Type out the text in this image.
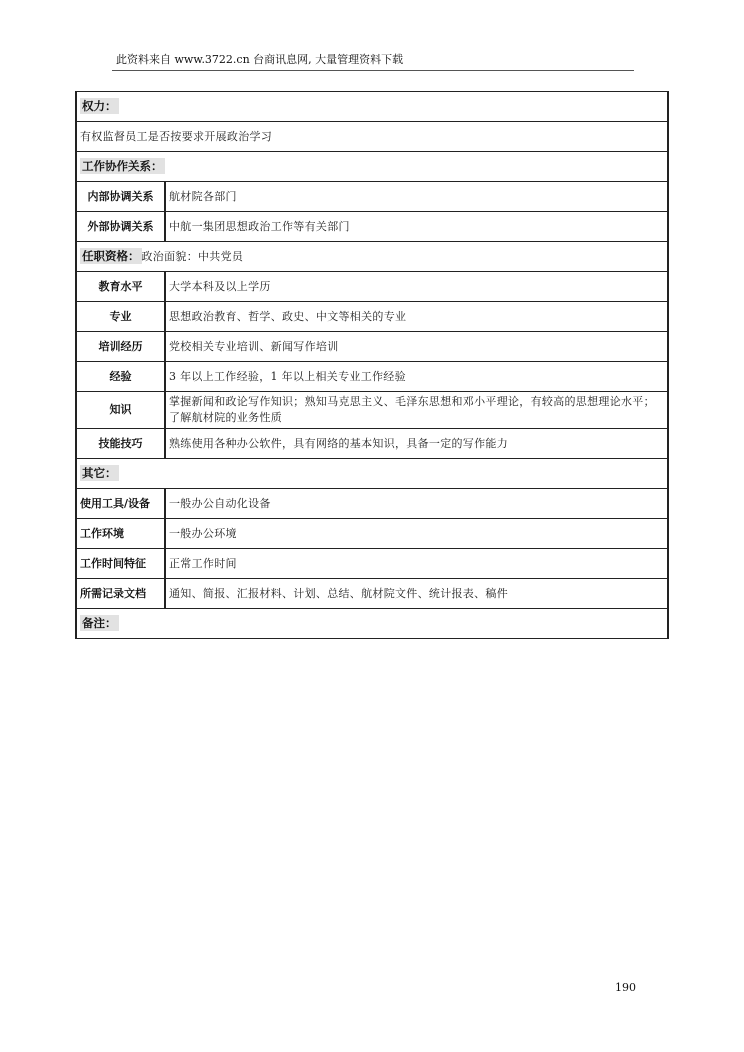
此资料来自 www.3722.cn 台商讯息网, 大量管理资料下载
权力：	
有权监督员工是否按要求开展政治学习	
工作协作关系：	
内部协调关系	航材院各部门
外部协调关系	中航一集团思想政治工作等有关部门
任职资格： 政治面貌：中共党员	
教育水平	大学本科及以上学历
专业	思想政治教育、哲学、政史、中文等相关的专业
培训经历	党校相关专业培训、新闻写作培训
经验	3 年以上工作经验，1 年以上相关专业工作经验
知识	掌握新闻和政论写作知识；熟知马克思主义、毛泽东思想和邓小平理论，有较高的思想理论水平；了解航材院的业务性质
技能技巧	熟练使用各种办公软件，具有网络的基本知识，具备一定的写作能力
其它：	
使用工具/设备	一般办公自动化设备
工作环境	一般办公环境
工作时间特征	正常工作时间
所需记录文档	通知、简报、汇报材料、计划、总结、航材院文件、统计报表、稿件
备注：	
190
